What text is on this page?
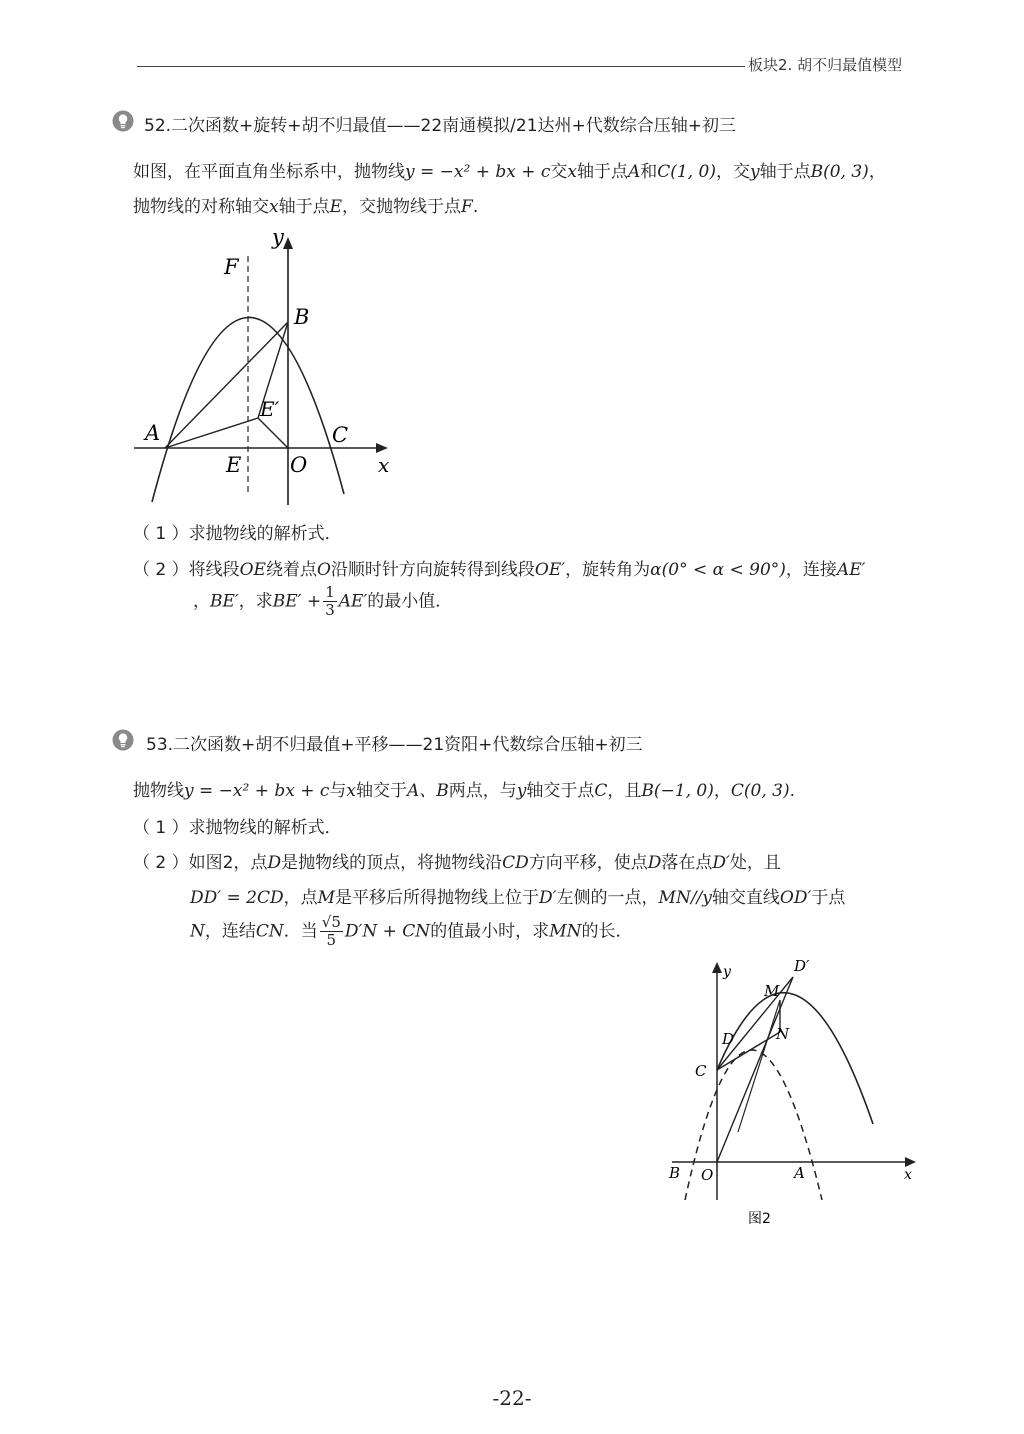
板块2. 胡不归最值模型
52.二次函数+旋转+胡不归最值——22南通模拟/21达州+代数综合压轴+初三
如图，在平面直角坐标系中，抛物线y = −x² + bx + c交x轴于点A和C(1, 0)，交y轴于点B(0, 3)，
抛物线的对称轴交x轴于点E，交抛物线于点F.
F
y
B
E′
A	C
E O	x
（ 1 ）求抛物线的解析式．
（ 2 ）将线段OE绕着点O沿顺时针方向旋转得到线段OE′，旋转角为α(0° < α < 90°)，连接AE′
，BE′，求$BE' + \frac{1}{3} AE'$的最小值．
53.二次函数+胡不归最值+平移——21资阳+代数综合压轴+初三
抛物线y = −x² + bx + c与x轴交于A、B两点，与y轴交于点C，且B(−1, 0)，C(0, 3).
（ 1 ）求抛物线的解析式．
（ 2 ）如图2，点D是抛物线的顶点，将抛物线沿CD方向平移，使点D落在点D′处，且
DD′ = 2CD，点M是平移后所得抛物线上位于D′左侧的一点，MN//y轴交直线OD′于点
N，连结CN．当 $\frac{√5}{5} D'N$ + CN的值最小时，求MN的长．
y	D′
M
N
D
C
B O	A	x
图2
-22-
